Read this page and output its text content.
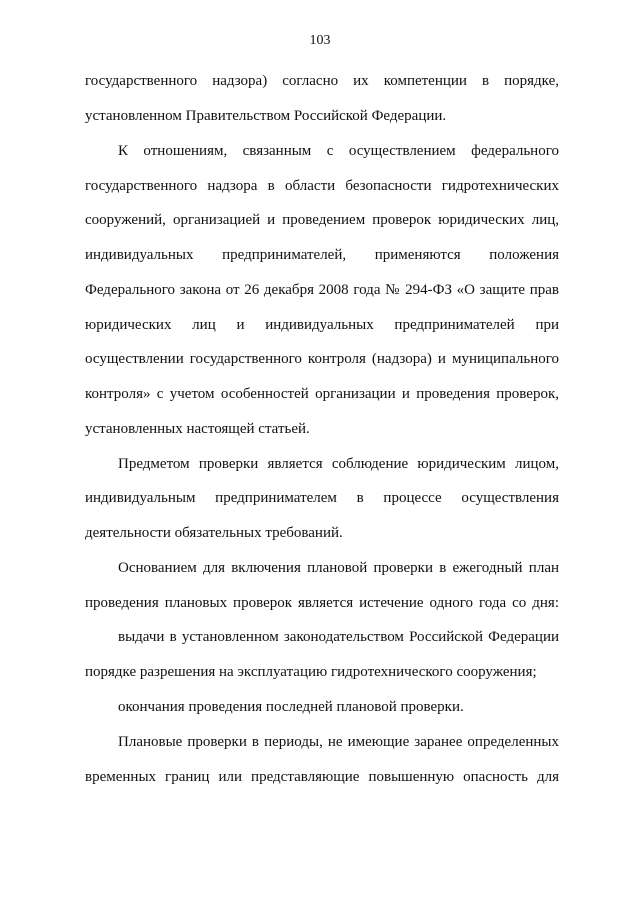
103
государственного надзора) согласно их компетенции в порядке,
установленном Правительством Российской Федерации.
К отношениям, связанным с осуществлением федерального
государственного надзора в области безопасности гидротехнических
сооружений, организацией и проведением проверок юридических лиц,
индивидуальных предпринимателей, применяются положения
Федерального закона от 26 декабря 2008 года № 294-ФЗ «О защите прав
юридических лиц и индивидуальных предпринимателей при
осуществлении государственного контроля (надзора) и муниципального
контроля» с учетом особенностей организации и проведения проверок,
установленных настоящей статьей.
Предметом проверки является соблюдение юридическим лицом,
индивидуальным предпринимателем в процессе осуществления
деятельности обязательных требований.
Основанием для включения плановой проверки в ежегодный план
проведения плановых проверок является истечение одного года со дня:
выдачи в установленном законодательством Российской Федерации
порядке разрешения на эксплуатацию гидротехнического сооружения;
окончания проведения последней плановой проверки.
Плановые проверки в периоды, не имеющие заранее определенных
временных границ или представляющие повышенную опасность для
